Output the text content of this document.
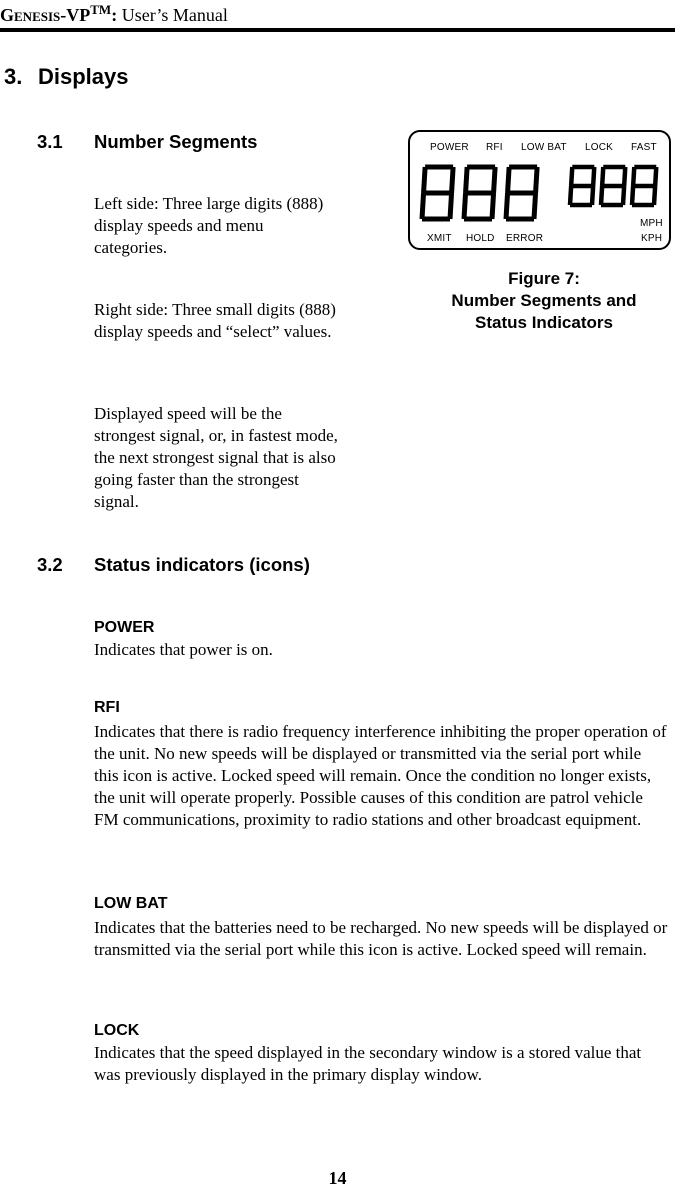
GENESIS-VP™: User’s Manual
3. Displays
3.1 Number Segments
Left side: Three large digits (888) display speeds and menu categories.
Right side: Three small digits (888) display speeds and “select” values.
Displayed speed will be the strongest signal, or, in fastest mode, the next strongest signal that is also going faster than the strongest signal.
POWER RFI LOW BAT LOCK FAST
MPH
XMIT HOLD ERROR	KPH
Figure 7:
Number Segments and
Status Indicators
3.2 Status indicators (icons)
POWER
Indicates that power is on.
RFI
Indicates that there is radio frequency interference inhibiting the proper operation of the unit. No new speeds will be displayed or transmitted via the serial port while this icon is active. Locked speed will remain. Once the condition no longer exists, the unit will operate properly. Possible causes of this condition are patrol vehicle FM communications, proximity to radio stations and other broadcast equipment.
LOW BAT
Indicates that the batteries need to be recharged. No new speeds will be displayed or transmitted via the serial port while this icon is active. Locked speed will remain.
LOCK
Indicates that the speed displayed in the secondary window is a stored value that was previously displayed in the primary display window.
14
